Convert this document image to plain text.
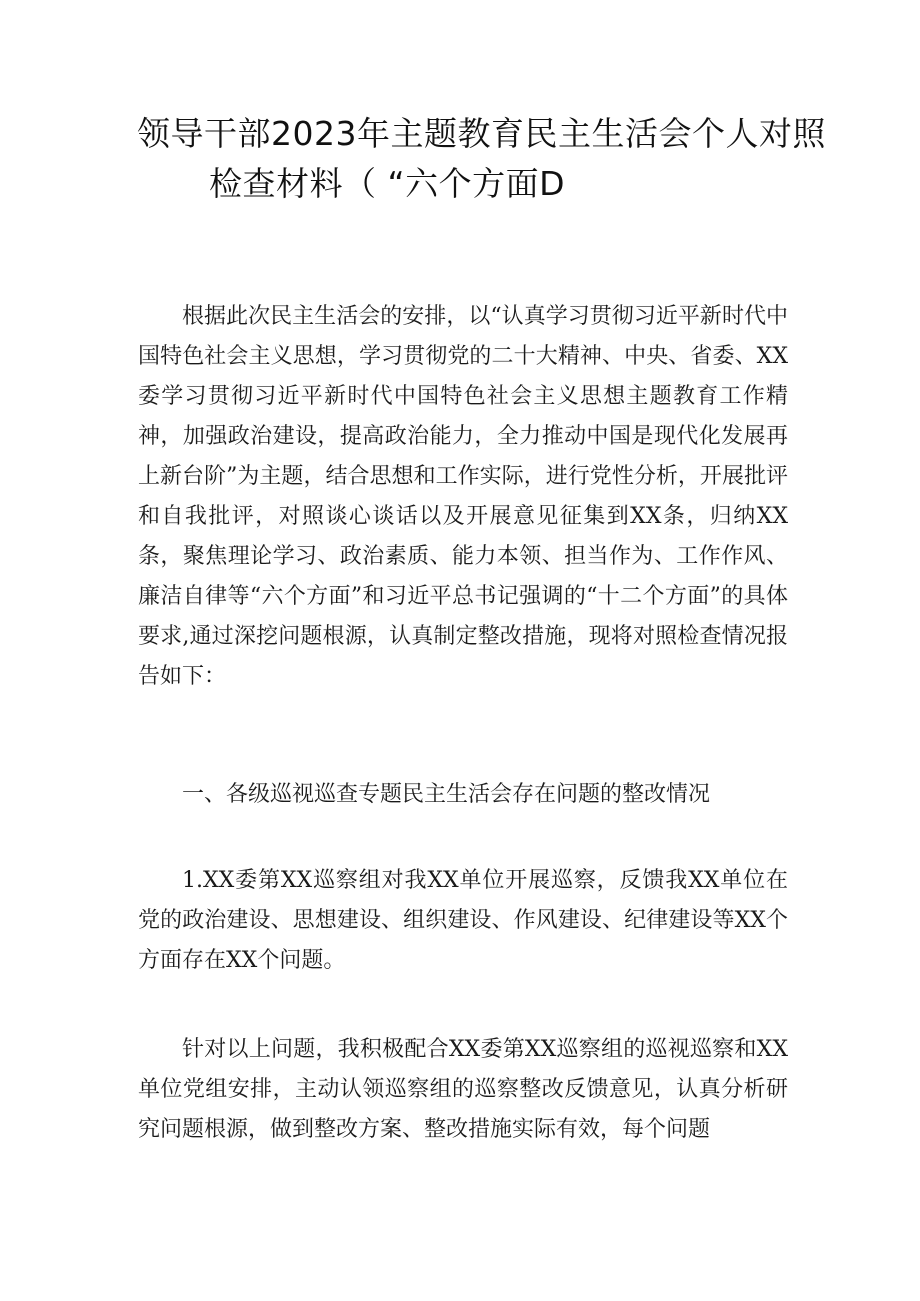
领导干部2023年主题教育民主生活会个人对照
检查材料（ “六个方面D

根据此次民主生活会的安排，以“认真学习贯彻习近平新时代中国特色社会主义思想，学习贯彻党的二十大精神、中央、省委、XX委学习贯彻习近平新时代中国特色社会主义思想主题教育工作精神，加强政治建设，提高政治能力，全力推动中国是现代化发展再上新台阶”为主题，结合思想和工作实际，进行党性分析，开展批评和自我批评，对照谈心谈话以及开展意见征集到XX条，归纳XX条，聚焦理论学习、政治素质、能力本领、担当作为、工作作风、廉洁自律等“六个方面”和习近平总书记强调的“十二个方面”的具体要求,通过深挖问题根源，认真制定整改措施，现将对照检查情况报告如下：

一、各级巡视巡查专题民主生活会存在问题的整改情况

1.XX委第XX巡察组对我XX单位开展巡察，反馈我XX单位在党的政治建设、思想建设、组织建设、作风建设、纪律建设等XX个方面存在XX个问题。

针对以上问题，我积极配合XX委第XX巡察组的巡视巡察和XX单位党组安排，主动认领巡察组的巡察整改反馈意见，认真分析研究问题根源，做到整改方案、整改措施实际有效，每个问题
